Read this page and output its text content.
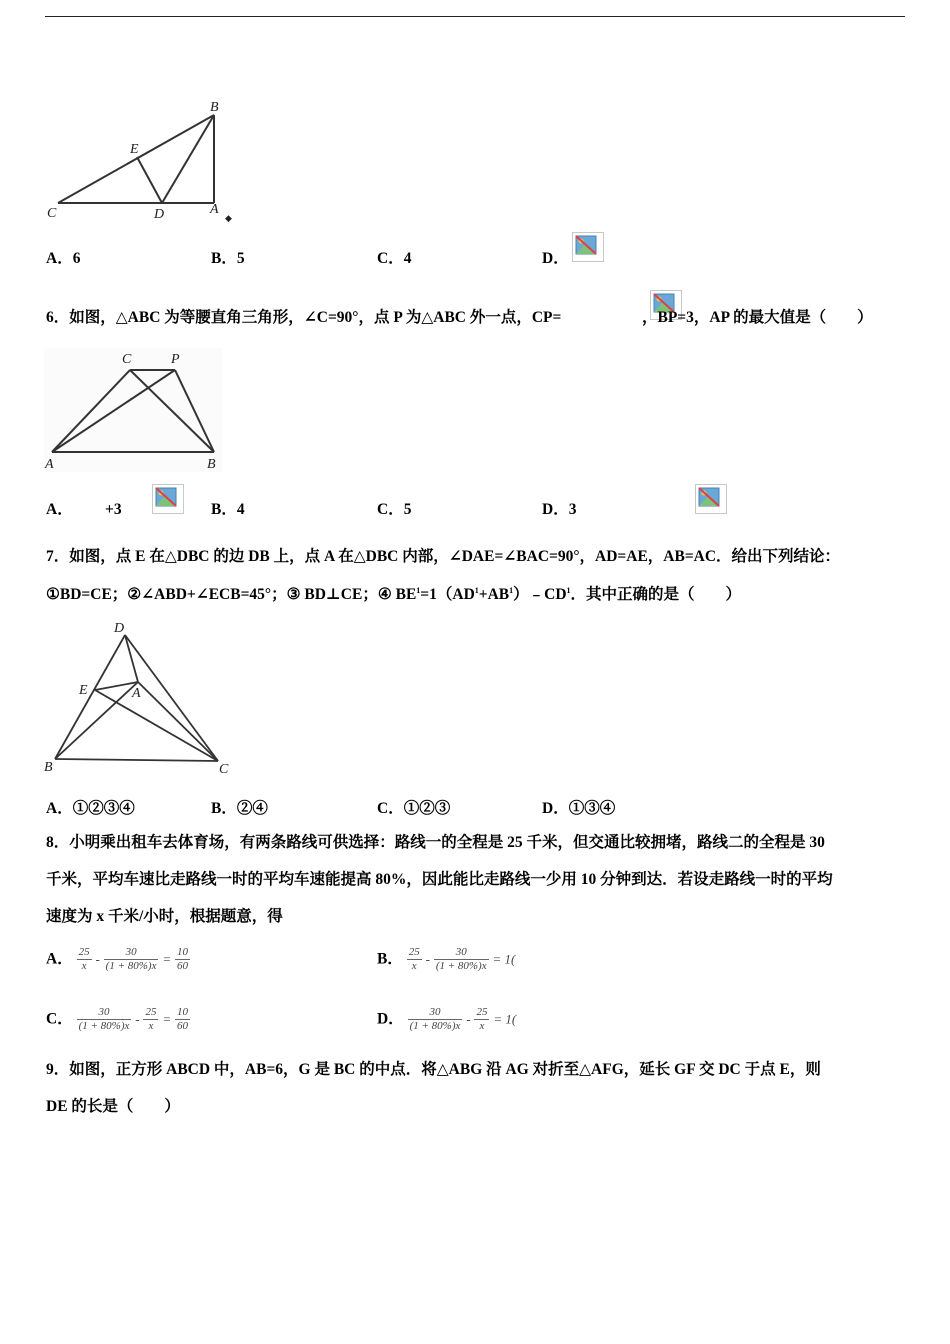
B
E
C	D	A
◆
A．6	B．5	C．4	D．

6．如图，△ABC 为等腰直角三角形，∠C=90°，点 P 为△ABC 外一点，CP=
	，BP=3，AP 的最大值是（　　）
C	P
A	B
A．
+3	B．4	C．5	D．3
7．如图，点 E 在△DBC 的边 DB 上，点 A 在△DBC 内部，∠DAE=∠BAC=90°，AD=AE，AB=AC．给出下列结论：
①BD=CE；②∠ABD+∠ECB=45°；③ BD⊥CE；④ $BE^1=1(AD^1+AB^1)﹣CD^1$．其中正确的是（　　）
D
E	A
B	C
A．①②③④	B．②④	C．①②③	D．①③④
8．小明乘出租车去体育场，有两条路线可供选择：路线一的全程是 25 千米，但交通比较拥堵，路线二的全程是 30
千米，平均车速比走路线一时的平均车速能提高 80%，因此能比走路线一少用 10 分钟到达．若设走路线一时的平均
速度为 x 千米/小时，根据题意，得
A． $\frac{25}{x} - \frac{30}{(1 + 80\%)x} = \frac{10}{60}$	B． $\frac{25}{x} - \frac{30}{(1 + 80\%)x} = 1$(
C． $\frac{30}{(1 + 80\%)x} - \frac{25}{x} = \frac{10}{60}$	D． $\frac{30}{(1 + 80\%)x} - \frac{25}{x} = 1$(
9．如图，正方形 ABCD 中，AB=6，G 是 BC 的中点．将△ABG 沿 AG 对折至△AFG，延长 GF 交 DC 于点 E，则
DE 的长是（　　）
